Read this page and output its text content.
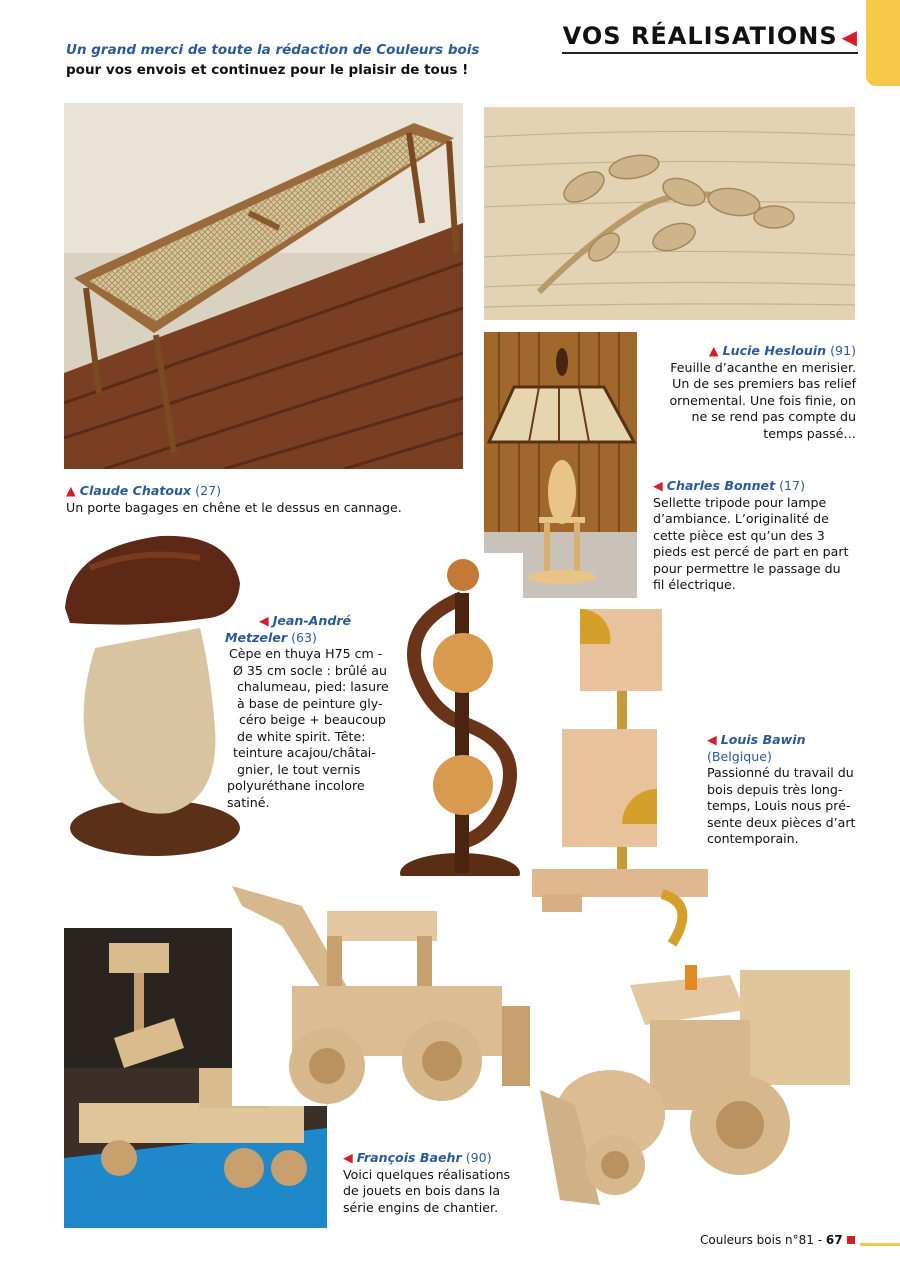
VOS RÉALISATIONS ◀
Un grand merci de toute la rédaction de Couleurs bois
pour vos envois et continuez pour le plaisir de tous !
▲ Claude Chatoux (27)
Un porte bagages en chêne et le dessus en cannage.
▲ Lucie Heslouin (91)
Feuille d’acanthe en merisier.
Un de ses premiers bas relief
ornemental. Une fois finie, on
ne se rend pas compte du
temps passé…
◀ Charles Bonnet (17)
Sellette tripode pour lampe
d’ambiance. L’originalité de
cette pièce est qu’un des 3
pieds est percé de part en part
pour permettre le passage du
fil électrique.
◀ Jean-André
Metzeler (63)
Cèpe en thuya H75 cm -
Ø 35 cm socle : brûlé au
chalumeau, pied: lasure
à base de peinture gly-
céro beige + beaucoup
de white spirit. Tête:
teinture acajou/châtai-
gnier, le tout vernis
polyuréthane incolore
satiné.
◀ Louis Bawin
(Belgique)
Passionné du travail du
bois depuis très long-
temps, Louis nous pré-
sente deux pièces d’art
contemporain.
◀ François Baehr (90)
Voici quelques réalisations
de jouets en bois dans la
série engins de chantier.
Couleurs bois n°81 - 67
